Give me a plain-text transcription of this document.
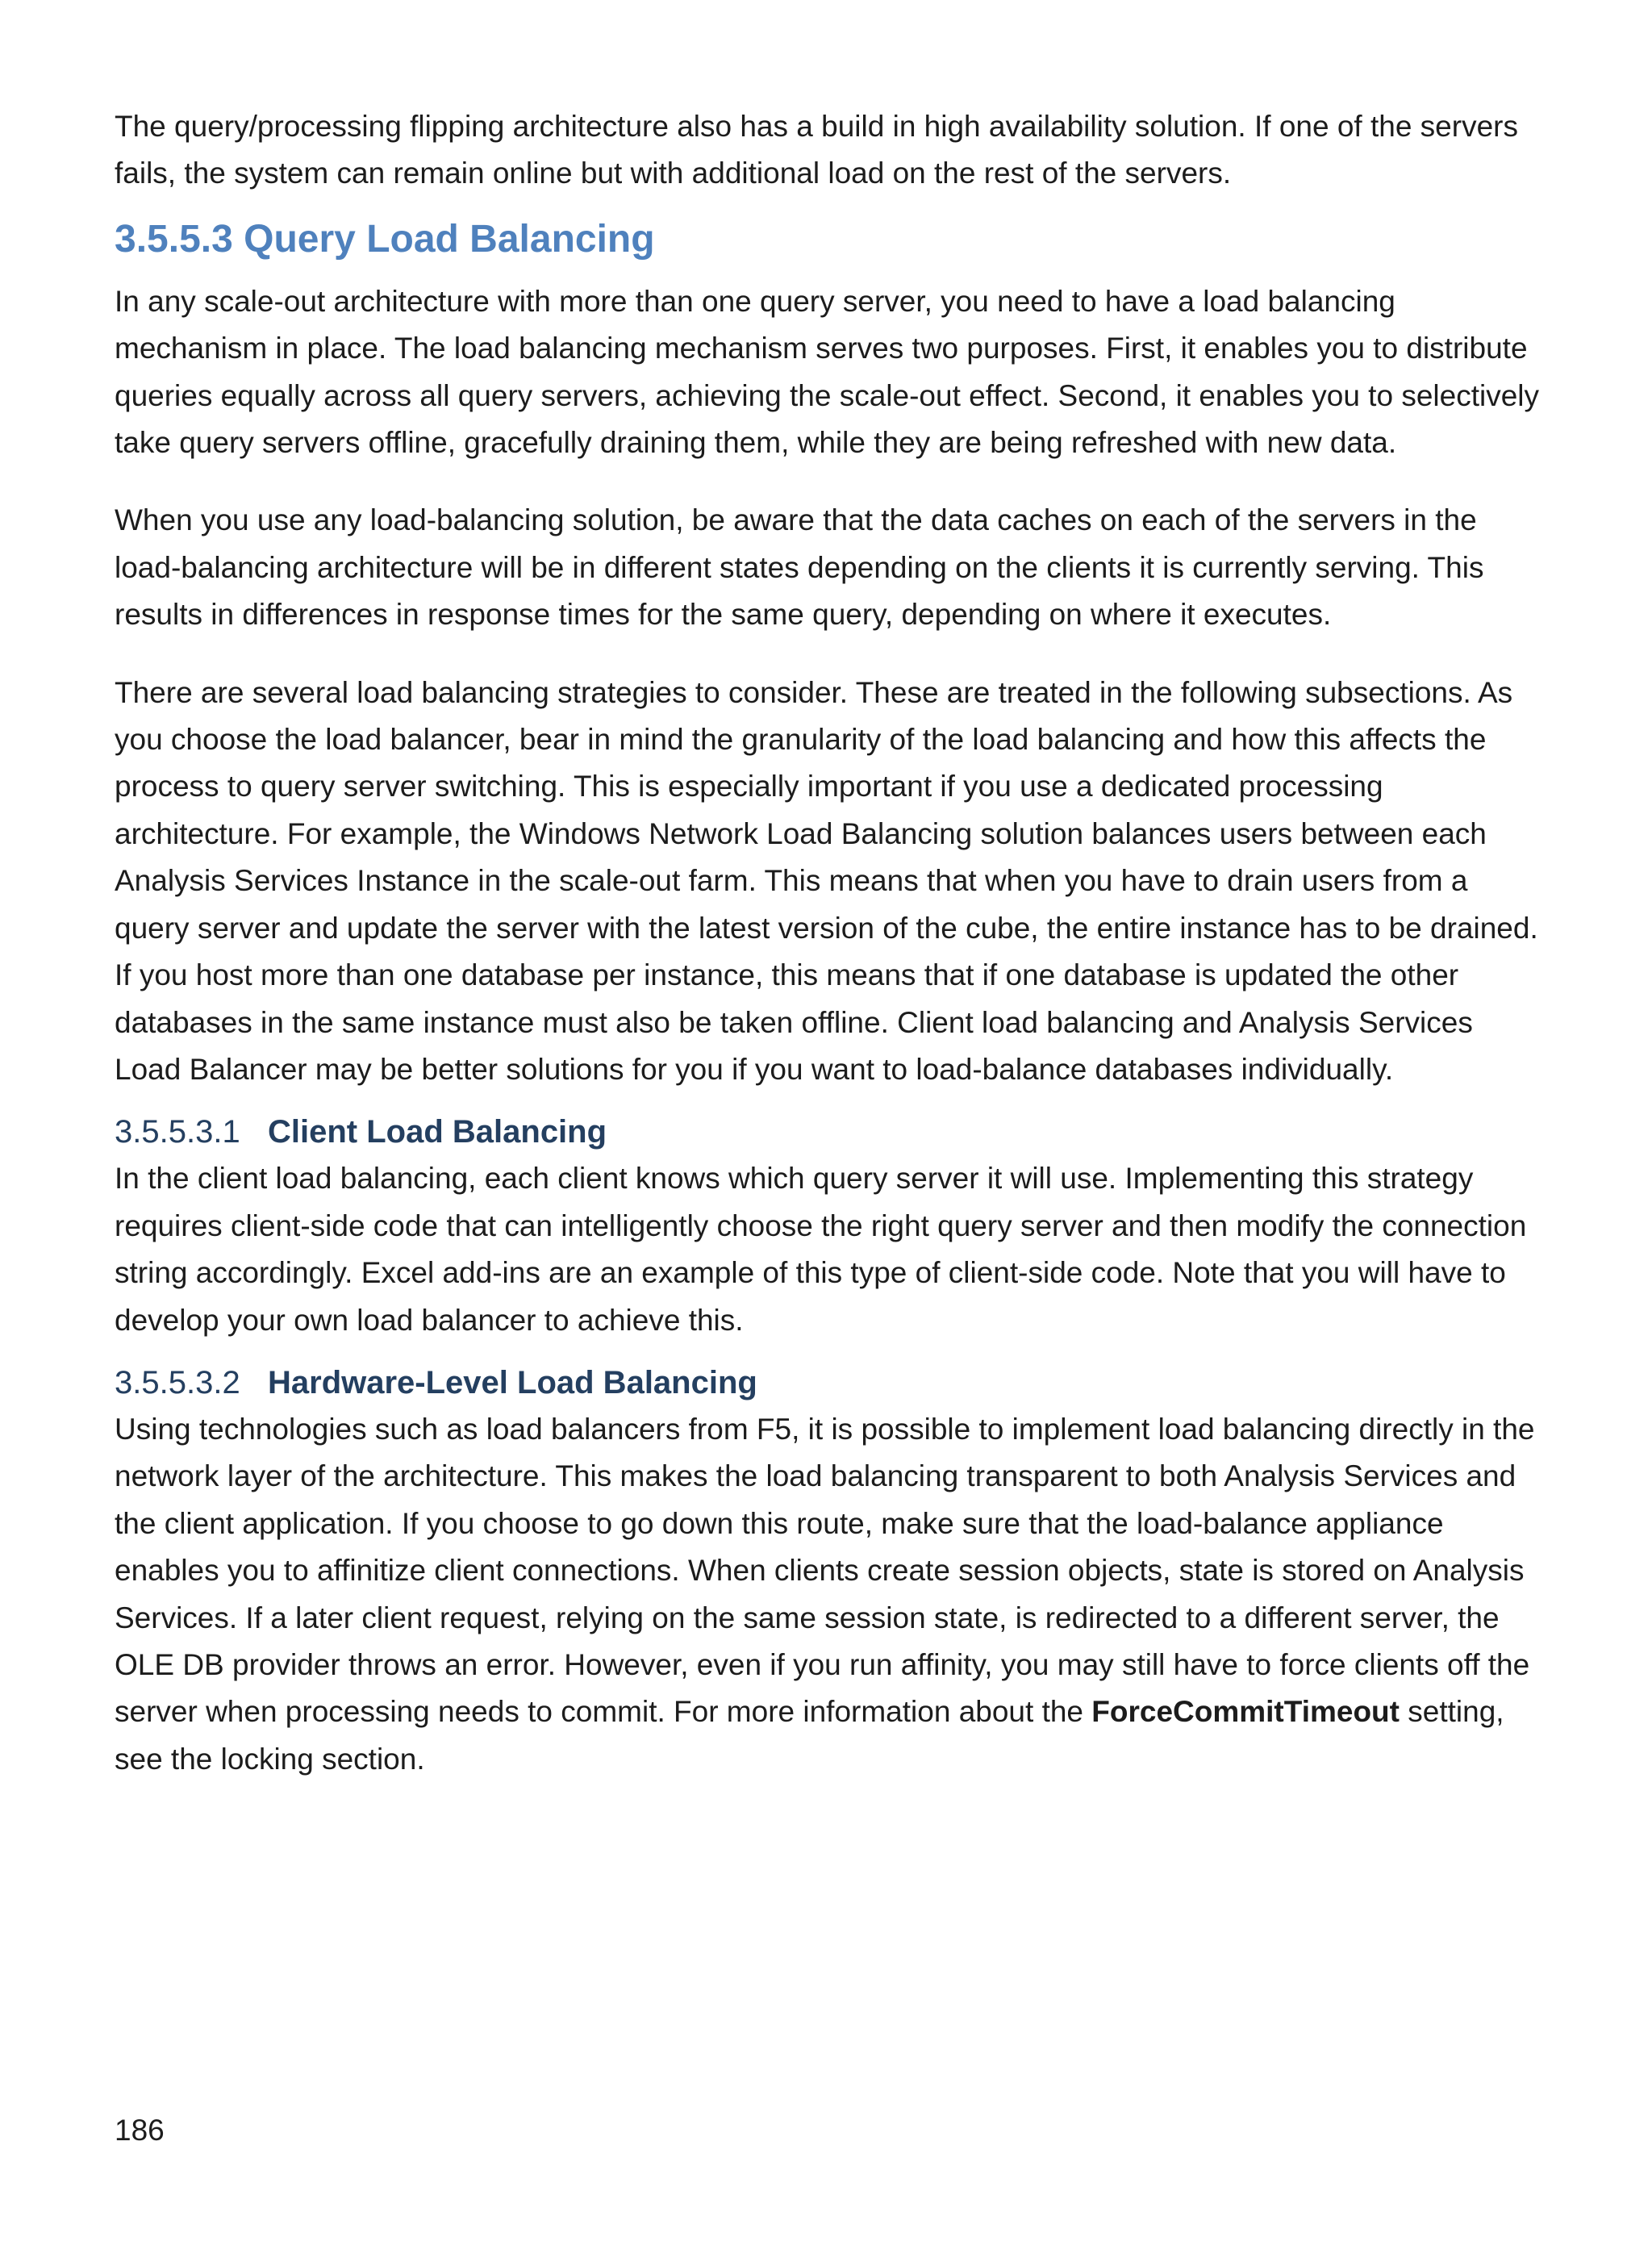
The query/processing flipping architecture also has a build in high availability solution. If one of the servers fails, the system can remain online but with additional load on the rest of the servers.

3.5.5.3 Query Load Balancing

In any scale-out architecture with more than one query server, you need to have a load balancing mechanism in place. The load balancing mechanism serves two purposes. First, it enables you to distribute queries equally across all query servers, achieving the scale-out effect. Second, it enables you to selectively take query servers offline, gracefully draining them, while they are being refreshed with new data.

When you use any load-balancing solution, be aware that the data caches on each of the servers in the load-balancing architecture will be in different states depending on the clients it is currently serving. This results in differences in response times for the same query, depending on where it executes.

There are several load balancing strategies to consider. These are treated in the following subsections. As you choose the load balancer, bear in mind the granularity of the load balancing and how this affects the process to query server switching. This is especially important if you use a dedicated processing architecture. For example, the Windows Network Load Balancing solution balances users between each Analysis Services Instance in the scale-out farm. This means that when you have to drain users from a query server and update the server with the latest version of the cube, the entire instance has to be drained. If you host more than one database per instance, this means that if one database is updated the other databases in the same instance must also be taken offline. Client load balancing and Analysis Services Load Balancer may be better solutions for you if you want to load-balance databases individually.

3.5.5.3.1 Client Load Balancing

In the client load balancing, each client knows which query server it will use. Implementing this strategy requires client-side code that can intelligently choose the right query server and then modify the connection string accordingly. Excel add-ins are an example of this type of client-side code. Note that you will have to develop your own load balancer to achieve this.

3.5.5.3.2 Hardware-Level Load Balancing

Using technologies such as load balancers from F5, it is possible to implement load balancing directly in the network layer of the architecture. This makes the load balancing transparent to both Analysis Services and the client application. If you choose to go down this route, make sure that the load-balance appliance enables you to affinitize client connections. When clients create session objects, state is stored on Analysis Services. If a later client request, relying on the same session state, is redirected to a different server, the OLE DB provider throws an error. However, even if you run affinity, you may still have to force clients off the server when processing needs to commit. For more information about the ForceCommitTimeout setting, see the locking section.

186
